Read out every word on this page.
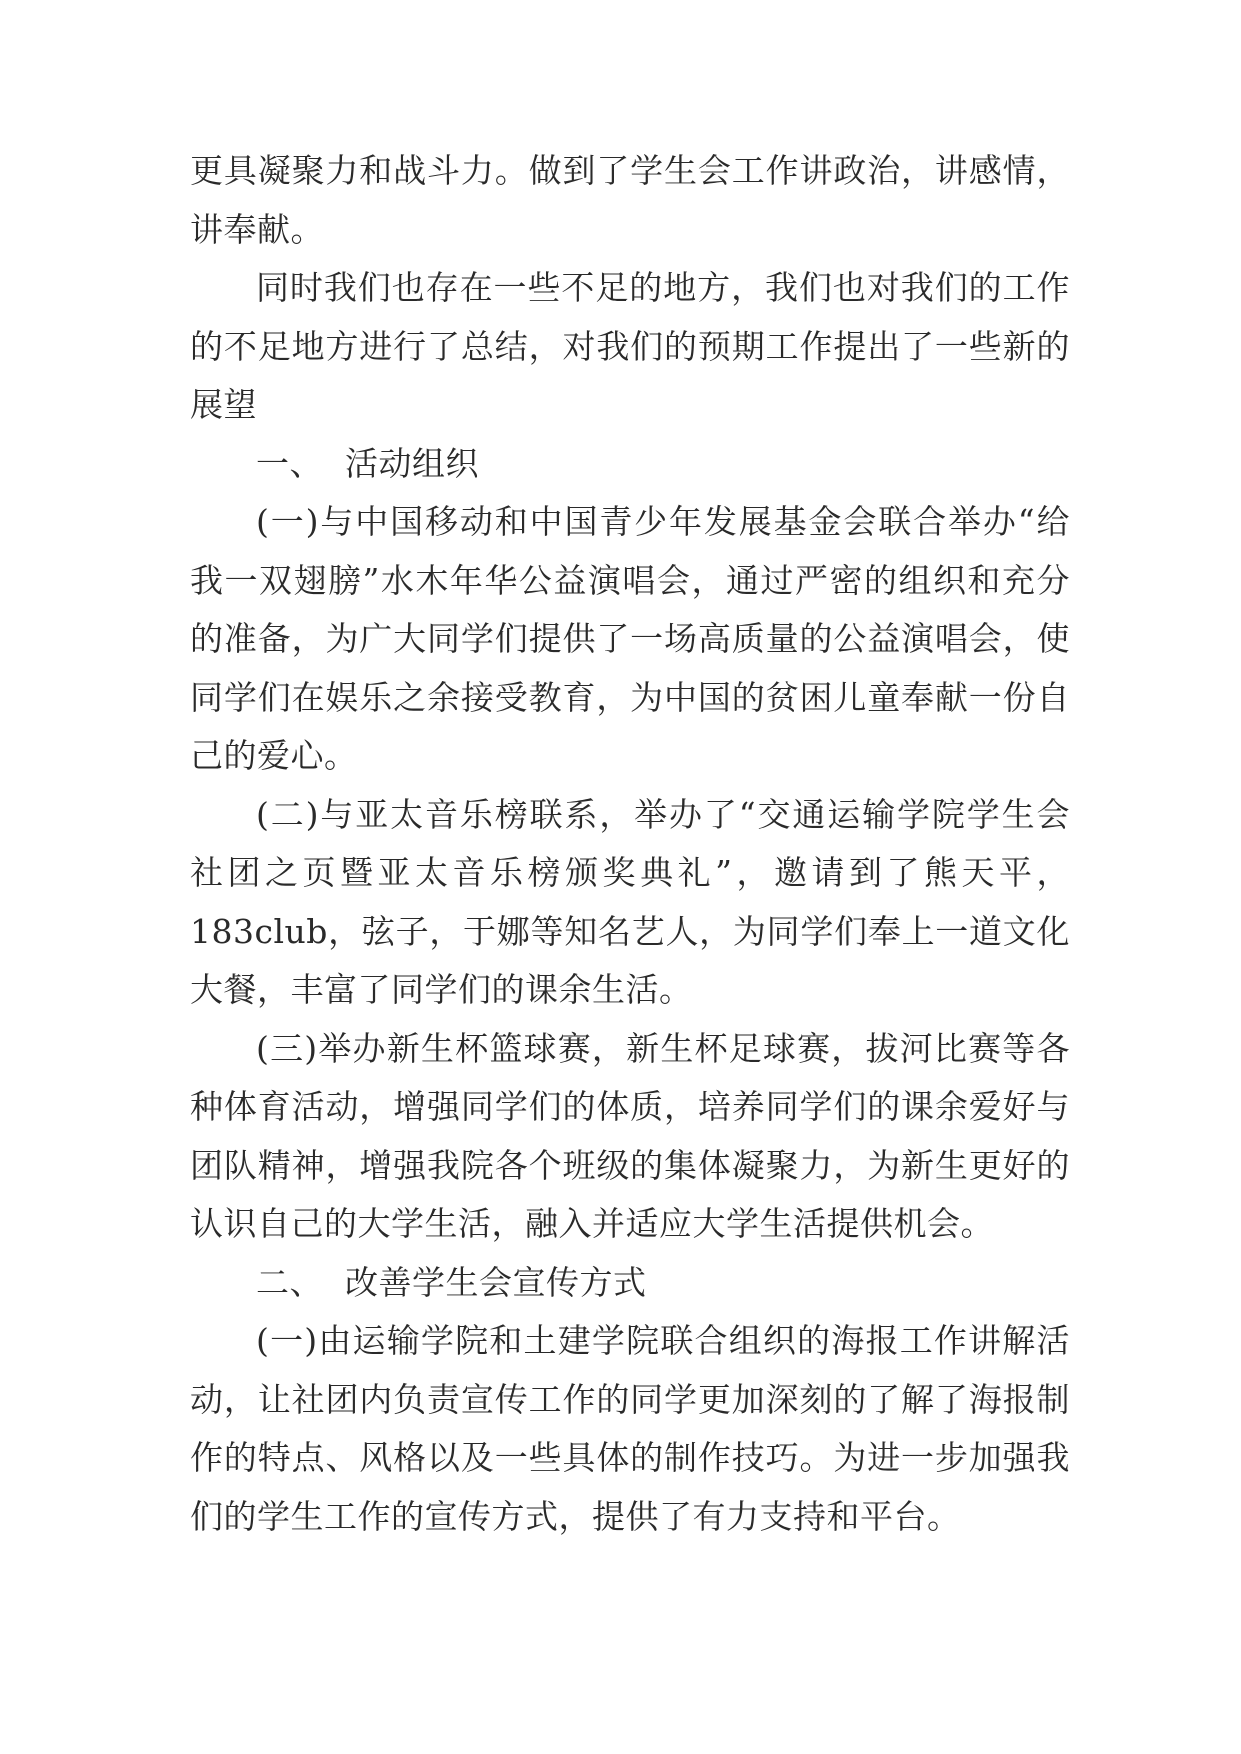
更具凝聚力和战斗力。做到了学生会工作讲政治，讲感情，讲奉献。

同时我们也存在一些不足的地方，我们也对我们的工作的不足地方进行了总结，对我们的预期工作提出了一些新的展望

一、  活动组织

(一)与中国移动和中国青少年发展基金会联合举办“给我一双翅膀”水木年华公益演唱会，通过严密的组织和充分的准备，为广大同学们提供了一场高质量的公益演唱会，使同学们在娱乐之余接受教育，为中国的贫困儿童奉献一份自己的爱心。

(二)与亚太音乐榜联系，举办了“交通运输学院学生会社团之页暨亚太音乐榜颁奖典礼”，邀请到了熊天平，183club，弦子，于娜等知名艺人，为同学们奉上一道文化大餐，丰富了同学们的课余生活。

(三)举办新生杯篮球赛，新生杯足球赛，拔河比赛等各种体育活动，增强同学们的体质，培养同学们的课余爱好与团队精神，增强我院各个班级的集体凝聚力，为新生更好的认识自己的大学生活，融入并适应大学生活提供机会。

二、  改善学生会宣传方式

(一)由运输学院和土建学院联合组织的海报工作讲解活动，让社团内负责宣传工作的同学更加深刻的了解了海报制作的特点、风格以及一些具体的制作技巧。为进一步加强我们的学生工作的宣传方式，提供了有力支持和平台。
